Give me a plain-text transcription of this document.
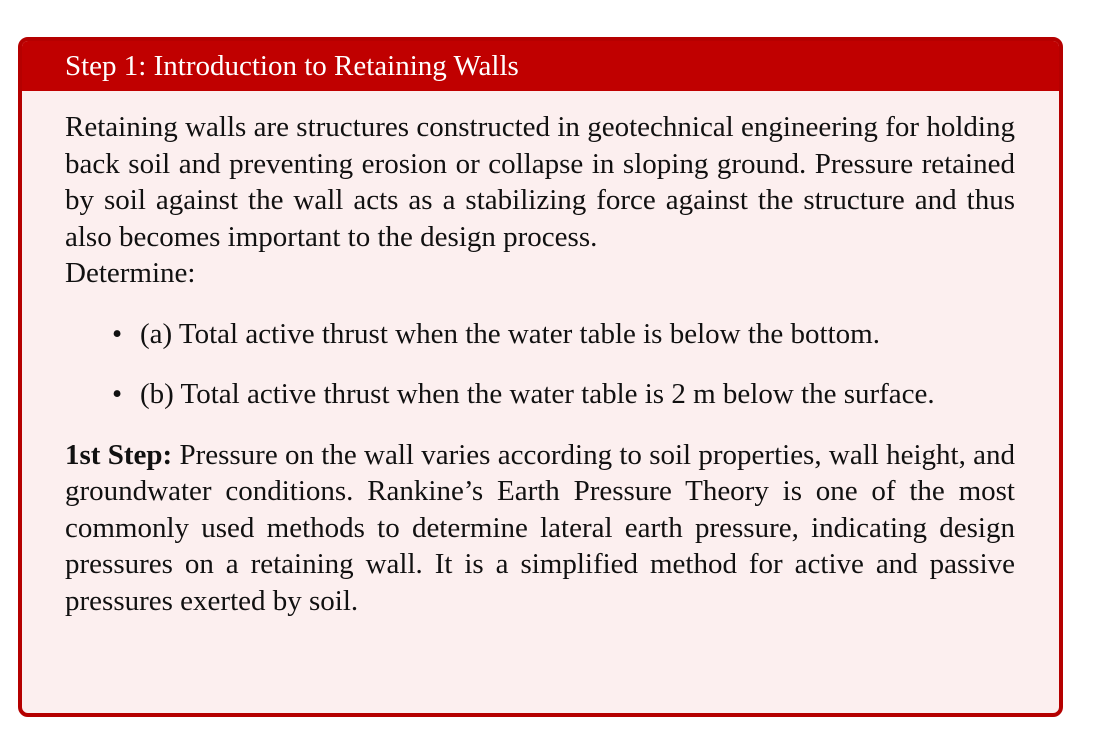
Step 1: Introduction to Retaining Walls

Retaining walls are structures constructed in geotechnical engineering for holding back soil and preventing erosion or collapse in sloping ground. Pressure retained by soil against the wall acts as a stabilizing force against the structure and thus also becomes important to the design process.

Determine:

• (a) Total active thrust when the water table is below the bottom.
• (b) Total active thrust when the water table is 2 m below the surface.

1st Step: Pressure on the wall varies according to soil properties, wall height, and groundwater conditions. Rankine’s Earth Pressure Theory is one of the most commonly used methods to determine lateral earth pressure, indicating design pressures on a retaining wall. It is a simplified method for active and passive pressures exerted by soil.
